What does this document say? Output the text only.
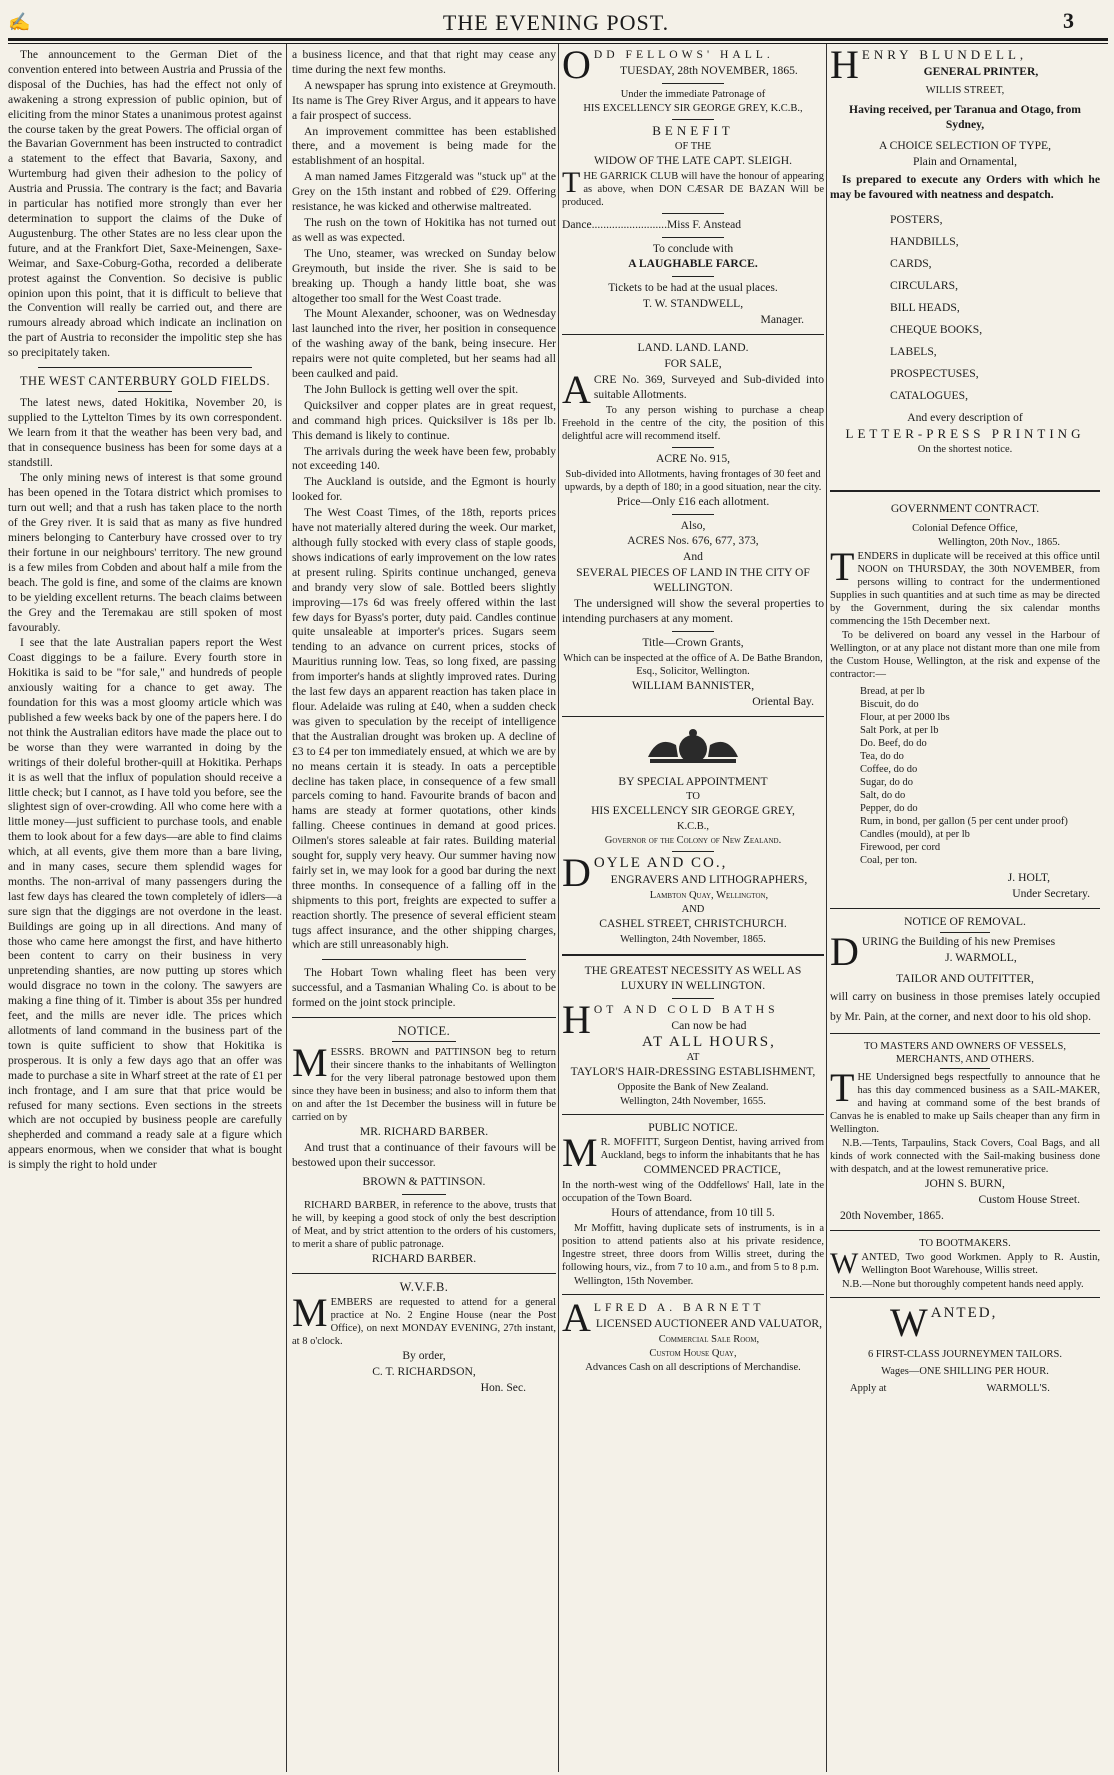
✍	THE EVENING POST.	3

The announcement to the German Diet of the convention entered into between Austria and Prussia of the disposal of the Duchies, has had the effect not only of awakening a strong expression of public opinion, but of eliciting from the minor States a unanimous protest against the course taken by the great Powers. The official organ of the Bavarian Government has been instructed to contradict a statement to the effect that Bavaria, Saxony, and Wurtemburg had given their adhesion to the policy of Austria and Prussia. The contrary is the fact; and Bavaria in particular has notified more strongly than ever her determination to support the claims of the Duke of Augustenburg. The other States are no less clear upon the future, and at the Frankfort Diet, Saxe-Meinengen, Saxe-Weimar, and Saxe-Coburg-Gotha, recorded a deliberate protest against the Convention. So decisive is public opinion upon this point, that it is difficult to believe that the Convention will really be carried out, and there are rumours already abroad which indicate an inclination on the part of Austria to reconsider the impolitic step she has so precipitately taken.

THE WEST CANTERBURY GOLD FIELDS.

The latest news, dated Hokitika, November 20, is supplied to the Lyttelton Times by its own correspondent. We learn from it that the weather has been very bad, and that in consequence business has been for some days at a standstill.

The only mining news of interest is that some ground has been opened in the Totara district which promises to turn out well; and that a rush has taken place to the north of the Grey river. It is said that as many as five hundred miners belonging to Canterbury have crossed over to try their fortune in our neighbours' territory. The new ground is a few miles from Cobden and about half a mile from the beach. The gold is fine, and some of the claims are known to be yielding excellent returns. The beach claims between the Grey and the Teremakau are still spoken of most favourably.

I see that the late Australian papers report the West Coast diggings to be a failure. Every fourth store in Hokitika is said to be "for sale," and hundreds of people anxiously waiting for a chance to get away. The foundation for this was a most gloomy article which was published a few weeks back by one of the papers here. I do not think the Australian editors have made the place out to be worse than they were warranted in doing by the writings of their doleful brother-quill at Hokitika. Perhaps it is as well that the influx of population should receive a little check; but I cannot, as I have told you before, see the slightest sign of over-crowding. All who come here with a little money—just sufficient to purchase tools, and enable them to look about for a few days—are able to find claims which, at all events, give them more than a bare living, and in many cases, secure them splendid wages for months. The non-arrival of many passengers during the last few days has cleared the town completely of idlers—a sure sign that the diggings are not overdone in the least. Buildings are going up in all directions. And many of those who came here amongst the first, and have hitherto been content to carry on their business in very unpretending shanties, are now putting up stores which would disgrace no town in the colony. The sawyers are making a fine thing of it. Timber is about 35s per hundred feet, and the mills are never idle. The prices which allotments of land command in the business part of the town is quite sufficient to show that Hokitika is prosperous. It is only a few days ago that an offer was made to purchase a site in Wharf street at the rate of £1 per inch frontage, and I am sure that that price would be refused for many sections. Even sections in the streets which are not occupied by business people are carefully shepherded and command a ready sale at a figure which appears enormous, when we consider that what is bought is simply the right to hold under

a business licence, and that that right may cease any time during the next few months.

A newspaper has sprung into existence at Greymouth. Its name is The Grey River Argus, and it appears to have a fair prospect of success.

An improvement committee has been established there, and a movement is being made for the establishment of an hospital.

A man named James Fitzgerald was "stuck up" at the Grey on the 15th instant and robbed of £29. Offering resistance, he was kicked and otherwise maltreated.

The rush on the town of Hokitika has not turned out as well as was expected.

The Uno, steamer, was wrecked on Sunday below Greymouth, but inside the river. She is said to be breaking up. Though a handy little boat, she was altogether too small for the West Coast trade.

The Mount Alexander, schooner, was on Wednesday last launched into the river, her position in consequence of the washing away of the bank, being insecure. Her repairs were not quite completed, but her seams had all been caulked and paid.

The John Bullock is getting well over the spit.

Quicksilver and copper plates are in great request, and command high prices. Quicksilver is 18s per lb. This demand is likely to continue.

The arrivals during the week have been few, probably not exceeding 140.

The Auckland is outside, and the Egmont is hourly looked for.

The West Coast Times, of the 18th, reports prices have not materially altered during the week. Our market, although fully stocked with every class of staple goods, shows indications of early improvement on the low rates at present ruling. Spirits continue unchanged, geneva and brandy very slow of sale. Bottled beers slightly improving—17s 6d was freely offered within the last few days for Byass's porter, duty paid. Candles continue quite unsaleable at importer's prices. Sugars seem tending to an advance on current prices, stocks of Mauritius running low. Teas, so long fixed, are passing from importer's hands at slightly improved rates. During the last few days an apparent reaction has taken place in flour. Adelaide was ruling at £40, when a sudden check was given to speculation by the receipt of intelligence that the Australian drought was broken up. A decline of £3 to £4 per ton immediately ensued, at which we are by no means certain it is steady. In oats a perceptible decline has taken place, in consequence of a few small parcels coming to hand. Favourite brands of bacon and hams are steady at former quotations, other kinds falling. Cheese continues in demand at good prices. Oilmen's stores saleable at fair rates. Building material sought for, supply very heavy. Our summer having now fairly set in, we may look for a good bar during the next three months. In consequence of a falling off in the shipments to this port, freights are expected to suffer a reaction shortly. The presence of several efficient steam tugs affect insurance, and the other shipping charges, which are still unreasonably high.

The Hobart Town whaling fleet has been very successful, and a Tasmanian Whaling Co. is about to be formed on the joint stock principle.

NOTICE.

MESSRS. BROWN and PATTINSON beg to return their sincere thanks to the inhabitants of Wellington for the very liberal patronage bestowed upon them since they have been in business; and also to inform them that on and after the 1st December the business will in future be carried on by

MR. RICHARD BARBER.

And trust that a continuance of their favours will be bestowed upon their successor.

BROWN & PATTINSON.

RICHARD BARBER, in reference to the above, trusts that he will, by keeping a good stock of only the best description of Meat, and by strict attention to the orders of his customers, to merit a share of public patronage.

RICHARD BARBER.

W.V.F.B.

MEMBERS are requested to attend for a general practice at No. 2 Engine House (near the Post Office), on next MONDAY EVENING, 27th instant, at 8 o'clock.

By order,

C. T. RICHARDSON,

Hon. Sec.

ODD FELLOWS' HALL.

TUESDAY, 28th NOVEMBER, 1865.

Under the immediate Patronage of

HIS EXCELLENCY SIR GEORGE GREY, K.C.B.,

BENEFIT

OF THE

WIDOW OF THE LATE CAPT. SLEIGH.

THE GARRICK CLUB will have the honour of appearing as above, when DON CÆSAR DE BAZAN Will be produced.

Dance..........................Miss F. Anstead

To conclude with

A LAUGHABLE FARCE.

Tickets to be had at the usual places.

T. W. STANDWELL,

Manager.

LAND. LAND. LAND.

FOR SALE,

ACRE No. 369, Surveyed and Sub-divided into suitable Allotments.

To any person wishing to purchase a cheap Freehold in the centre of the city, the position of this delightful acre will recommend itself.

ACRE No. 915,

Sub-divided into Allotments, having frontages of 30 feet and upwards, by a depth of 180; in a good situation, near the city.

Price—Only £16 each allotment.

Also,

ACRES Nos. 676, 677, 373,

And

SEVERAL PIECES OF LAND IN THE CITY OF WELLINGTON.

The undersigned will show the several properties to intending purchasers at any moment.

Title—Crown Grants,

Which can be inspected at the office of A. De Bathe Brandon, Esq., Solicitor, Wellington.

WILLIAM BANNISTER,

Oriental Bay.

BY SPECIAL APPOINTMENT

TO

HIS EXCELLENCY SIR GEORGE GREY,

K.C.B.,

Governor of the Colony of New Zealand.

DOYLE AND CO.,

ENGRAVERS AND LITHOGRAPHERS,

Lambton Quay, Wellington,

AND

CASHEL STREET, CHRISTCHURCH.

Wellington, 24th November, 1865.

THE GREATEST NECESSITY AS WELL AS LUXURY IN WELLINGTON.

HOT AND COLD BATHS

Can now be had

AT ALL HOURS,

AT

TAYLOR'S HAIR-DRESSING ESTABLISHMENT,

Opposite the Bank of New Zealand.

Wellington, 24th November, 1655.

PUBLIC NOTICE.

M R. MOFFITT, Surgeon Dentist, having arrived from Auckland, begs to inform the inhabitants that he has

COMMENCED PRACTICE,

In the north-west wing of the Oddfellows' Hall, late in the occupation of the Town Board.

Hours of attendance, from 10 till 5.

Mr Moffitt, having duplicate sets of instruments, is in a position to attend patients also at his private residence, Ingestre street, three doors from Willis street, during the following hours, viz., from 7 to 10 a.m., and from 5 to 8 p.m.

Wellington, 15th November.

ALFRED A. BARNETT

LICENSED AUCTIONEER AND VALUATOR,

Commercial Sale Room,

Custom House Quay,

Advances Cash on all descriptions of Merchandise.

HENRY BLUNDELL,

GENERAL PRINTER,

WILLIS STREET,

Having received, per Taranua and Otago, from Sydney,

A CHOICE SELECTION OF TYPE,

Plain and Ornamental,

Is prepared to execute any Orders with which he may be favoured with neatness and despatch.

POSTERS,
HANDBILLS,
CARDS,
CIRCULARS,
BILL HEADS,
CHEQUE BOOKS,
LABELS,
PROSPECTUSES,
CATALOGUES,

And every description of

LETTER-PRESS PRINTING

On the shortest notice.

GOVERNMENT CONTRACT.

Colonial Defence Office,

Wellington, 20th Nov., 1865.

TENDERS in duplicate will be received at this office until NOON on THURSDAY, the 30th NOVEMBER, from persons willing to contract for the undermentioned Supplies in such quantities and at such time as may be directed by the Government, during the six calendar months commencing the 15th December next.

To be delivered on board any vessel in the Harbour of Wellington, or at any place not distant more than one mile from the Custom House, Wellington, at the risk and expense of the contractor:—

Bread, at per lb
Biscuit, do do
Flour, at per 2000 lbs
Salt Pork, at per lb
Do. Beef, do do
Tea, do do
Coffee, do do
Sugar, do do
Salt, do do
Pepper, do do
Rum, in bond, per gallon (5 per cent under proof)
Candles (mould), at per lb
Firewood, per cord
Coal, per ton.

J. HOLT,

Under Secretary.

NOTICE OF REMOVAL.

DURING the Building of his new Premises

J. WARMOLL,

TAILOR AND OUTFITTER,

will carry on business in those premises lately occupied by Mr. Pain, at the corner, and next door to his old shop.

TO MASTERS AND OWNERS OF VESSELS, MERCHANTS, AND OTHERS.

THE Undersigned begs respectfully to announce that he has this day commenced business as a SAIL-MAKER, and having at command some of the best brands of Canvas he is enabled to make up Sails cheaper than any firm in Wellington.

N.B.—Tents, Tarpaulins, Stack Covers, Coal Bags, and all kinds of work connected with the Sail-making business done with despatch, and at the lowest remunerative price.

JOHN S. BURN,

Custom House Street.

20th November, 1865.

TO BOOTMAKERS.

WANTED, Two good Workmen. Apply to R. Austin, Wellington Boot Warehouse, Willis street.

N.B.—None but thoroughly competent hands need apply.

WANTED,

6 FIRST-CLASS JOURNEYMEN TAILORS.

Wages—ONE SHILLING PER HOUR.

Apply at	WARMOLL'S.
